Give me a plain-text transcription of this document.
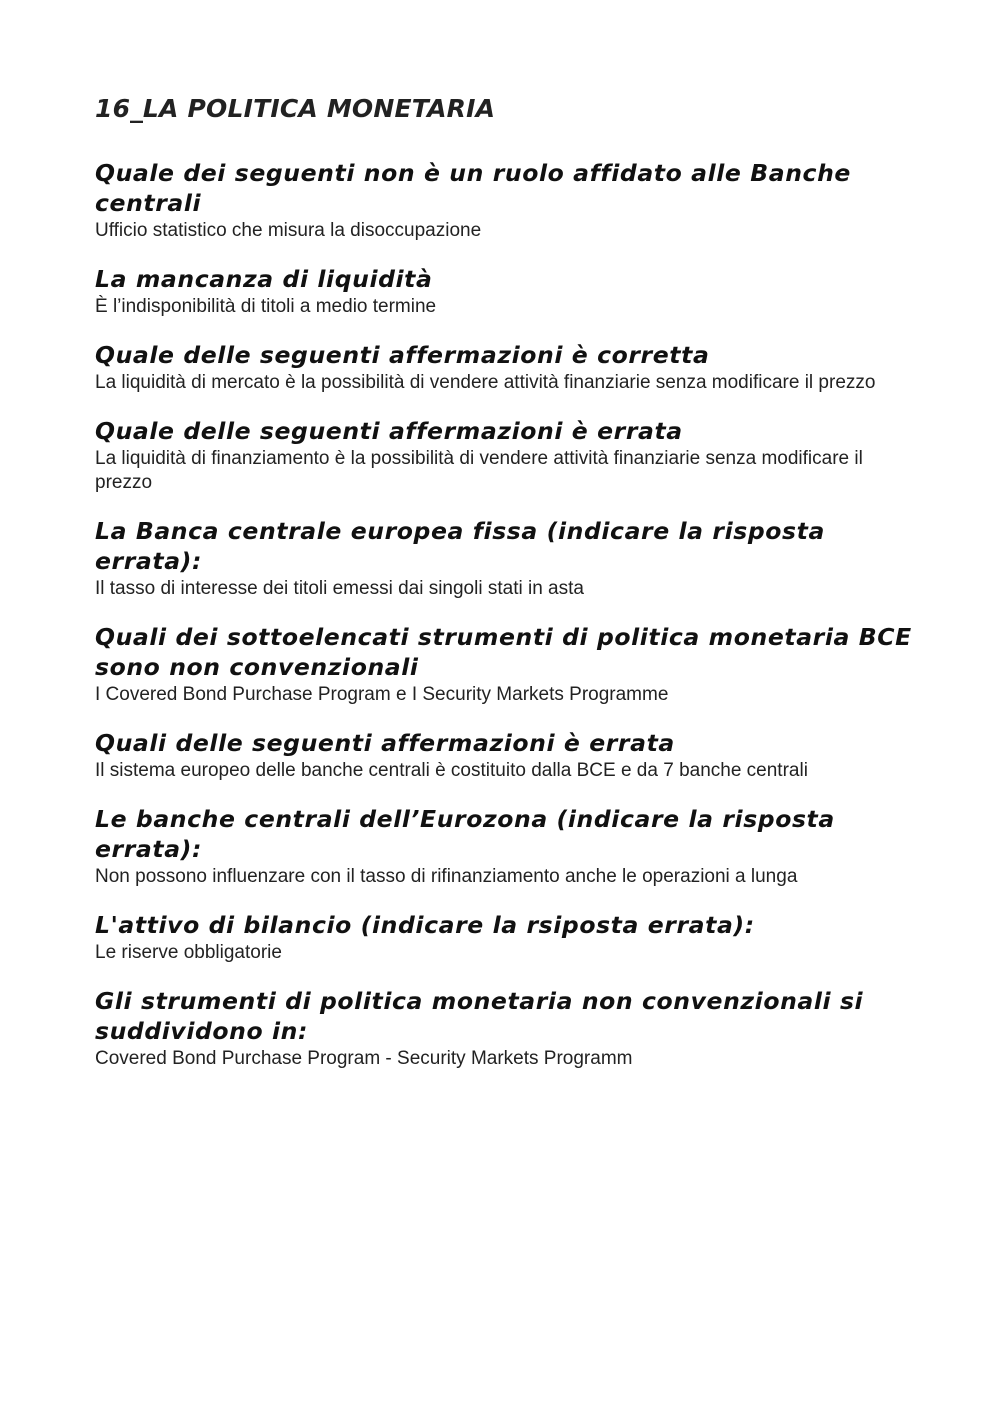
16_LA POLITICA MONETARIA

Quale dei seguenti non è un ruolo affidato alle Banche centrali

Ufficio statistico che misura la disoccupazione

La mancanza di liquidità

È l’indisponibilità di titoli a medio termine

Quale delle seguenti affermazioni è corretta

La liquidità di mercato è la possibilità di vendere attività finanziarie senza modificare il prezzo

Quale delle seguenti affermazioni è errata

La liquidità di finanziamento è la possibilità di vendere attività finanziarie senza modificare il prezzo

La Banca centrale europea fissa (indicare la risposta errata):

Il tasso di interesse dei titoli emessi dai singoli stati in asta

Quali dei sottoelencati strumenti di politica monetaria BCE sono non convenzionali

I Covered Bond Purchase Program e I Security Markets Programme

Quali delle seguenti affermazioni è errata

Il sistema europeo delle banche centrali è costituito dalla BCE e da 7 banche centrali

Le banche centrali dell’Eurozona (indicare la risposta errata):

Non possono influenzare con il tasso di rifinanziamento anche le operazioni a lunga

L'attivo di bilancio (indicare la rsiposta errata):

Le riserve obbligatorie

Gli strumenti di politica monetaria non convenzionali si suddividono in:

Covered Bond Purchase Program - Security Markets Programm
